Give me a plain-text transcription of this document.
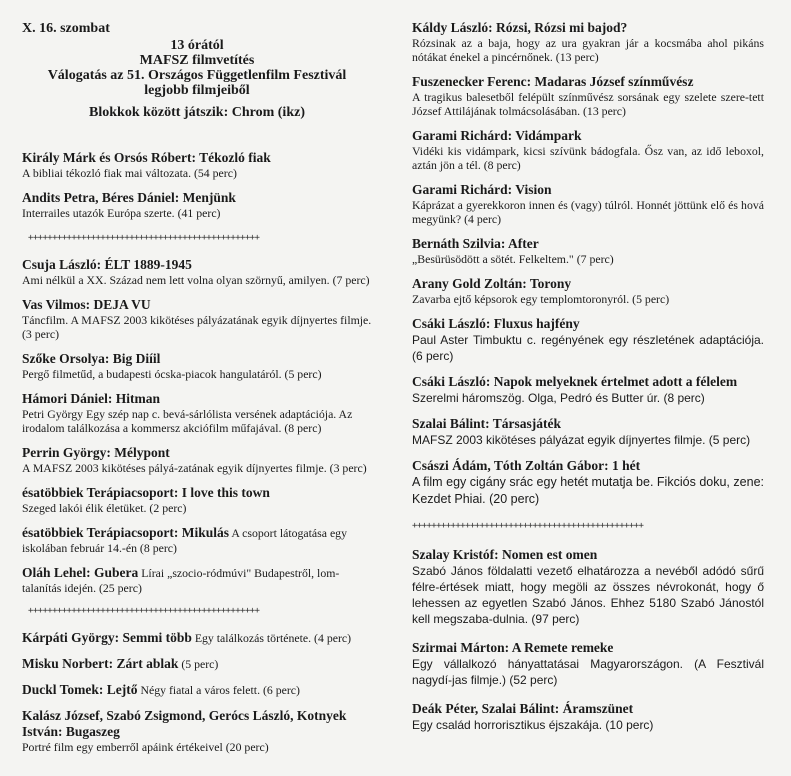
X. 16. szombat
13 órától
MAFSZ filmvetítés
Válogatás az 51. Országos Függetlenfilm Fesztivál
legjobb filmjeiből
Blokkok között játszik: Chrom (ikz)
Király Márk és Orsós Róbert: Tékozló fiak
A bibliai tékozló fiak mai változata. (54 perc)
Andits Petra, Béres Dániel: Menjünk
Interrailes utazók Európa szerte. (41 perc)
++++++++++++++++++++++++++++++++++++++++++++++++
Csuja László: ÉLT 1889-1945
Ami nélkül a XX. Század nem lett volna olyan szörnyű, amilyen. (7 perc)
Vas Vilmos: DEJA VU
Táncfilm. A MAFSZ 2003 kikötéses pályázatának egyik díjnyertes filmje. (3 perc)
Szőke Orsolya: Big Diíil
Pergő filmetűd, a budapesti ócska-piacok hangulatáról. (5 perc)
Hámori Dániel: Hitman
Petri György Egy szép nap c. bevá-sárlólista versének adaptációja. Az irodalom találkozása a kommersz akciófilm műfajával. (8 perc)
Perrin György: Mélypont
A MAFSZ 2003 kikötéses pályá-zatának egyik díjnyertes filmje. (3 perc)
ésatöbbiek Terápiacsoport: I love this town
Szeged lakói élik életüket. (2 perc)
ésatöbbiek Terápiacsoport: Mikulás A csoport látogatása egy
iskolában február 14.-én (8 perc)
Oláh Lehel: Gubera Lírai „szocio-ródmúvi" Budapestről, lom-
talanítás idején. (25 perc)
++++++++++++++++++++++++++++++++++++++++++++++++
Kárpáti György: Semmi több Egy találkozás története. (4 perc)
Misku Norbert: Zárt ablak (5 perc)
Duckl Tomek: Lejtő Négy fiatal a város felett. (6 perc)
Kalász József, Szabó Zsigmond, Gerócs László, Kotnyek
István: Bugaszeg
Portré film egy emberről apáink értékeivel (20 perc)
Káldy László: Rózsi, Rózsi mi bajod?
Rózsinak az a baja, hogy az ura gyakran jár a kocsmába ahol pikáns nótákat énekel a pincérnőnek. (13 perc)
Fuszenecker Ferenc: Madaras József színművész
A tragikus balesetből felépült színművész sorsának egy szelete szere-tett József Attilájának tolmácsolásában. (13 perc)
Garami Richárd: Vidámpark
Vidéki kis vidámpark, kicsi szívünk bádogfala. Ősz van, az idő leboxol, aztán jön a tél. (8 perc)
Garami Richárd: Vision
Káprázat a gyerekkoron innen és (vagy) túlról. Honnét jöttünk elő és hová megyünk? (4 perc)
Bernáth Szilvia: After
„Besürüsödött a sötét. Felkeltem." (7 perc)
Arany Gold Zoltán: Torony
Zavarba ejtő képsorok egy templomtoronyról. (5 perc)
Csáki László: Fluxus hajfény
Paul Aster Timbuktu c. regényének egy részletének adaptációja. (6 perc)
Csáki László: Napok melyeknek értelmet adott a félelem
Szerelmi háromszög. Olga, Pedró és Butter úr. (8 perc)
Szalai Bálint: Társasjáték
MAFSZ 2003 kikötéses pályázat egyik díjnyertes filmje. (5 perc)
Császi Ádám, Tóth Zoltán Gábor: 1 hét
A film egy cigány srác egy hetét mutatja be. Fikciós doku, zene: Kezdet Phiai. (20 perc)
++++++++++++++++++++++++++++++++++++++++++++++++
Szalay Kristóf: Nomen est omen
Szabó János földalatti vezető elhatározza a nevéből adódó sűrű félre-értések miatt, hogy megöli az összes névrokonát, hogy ő lehessen az egyetlen Szabó János. Ehhez 5180 Szabó Jánostól kell megszaba-dulnia. (97 perc)
Szirmai Márton: A Remete remeke
Egy vállalkozó hányattatásai Magyarországon. (A Fesztivál nagydí-jas filmje.) (52 perc)
Deák Péter, Szalai Bálint: Áramszünet
Egy család horrorisztikus éjszakája. (10 perc)
